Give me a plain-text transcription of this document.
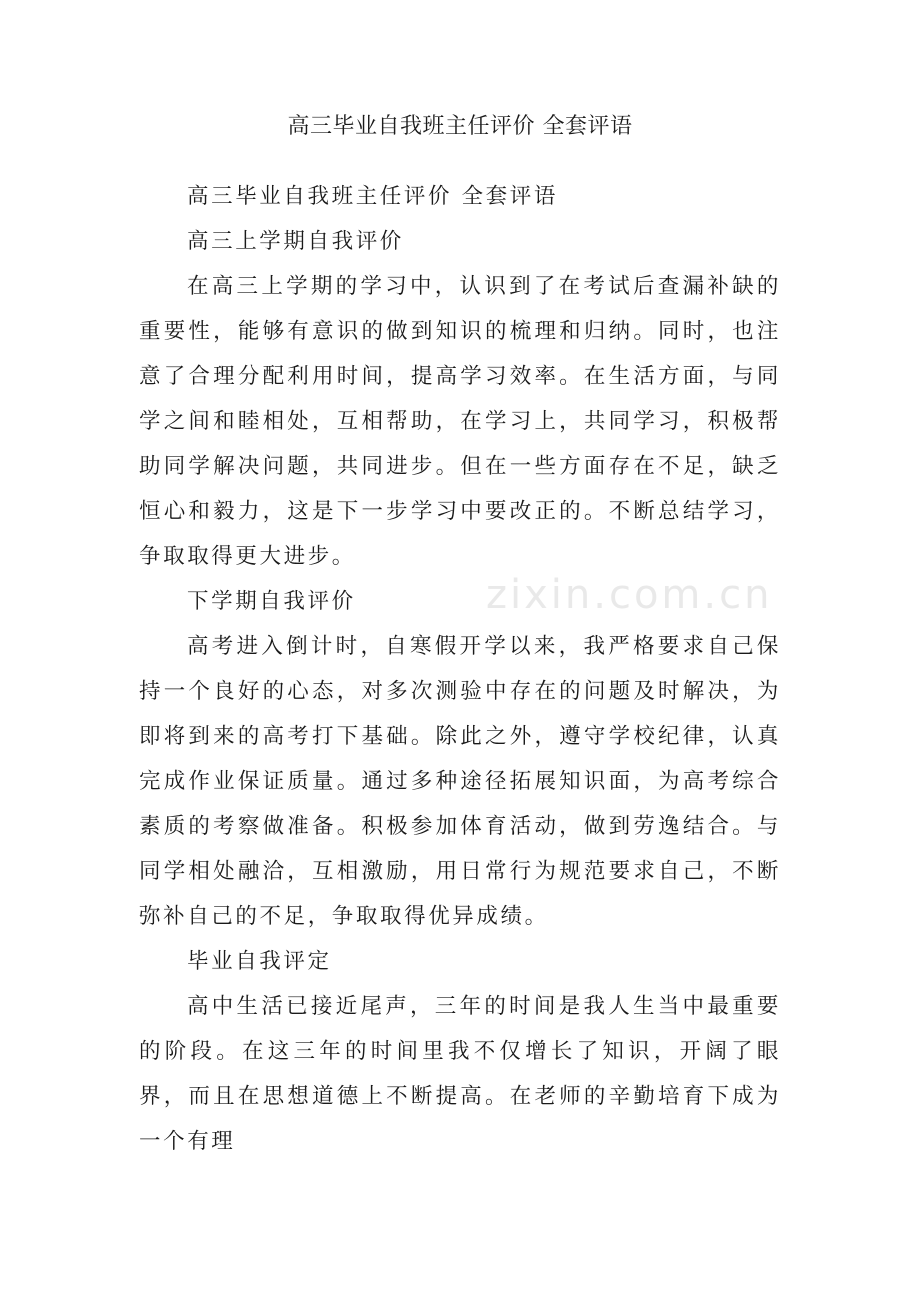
zixin.com.cn
高三毕业自我班主任评价 全套评语

高三毕业自我班主任评价 全套评语

高三上学期自我评价

在高三上学期的学习中，认识到了在考试后查漏补缺的重要性，能够有意识的做到知识的梳理和归纳。同时，也注意了合理分配利用时间，提高学习效率。在生活方面，与同学之间和睦相处，互相帮助，在学习上，共同学习，积极帮助同学解决问题，共同进步。但在一些方面存在不足，缺乏恒心和毅力，这是下一步学习中要改正的。不断总结学习，争取取得更大进步。

下学期自我评价

高考进入倒计时，自寒假开学以来，我严格要求自己保持一个良好的心态，对多次测验中存在的问题及时解决，为即将到来的高考打下基础。除此之外，遵守学校纪律，认真完成作业保证质量。通过多种途径拓展知识面，为高考综合素质的考察做准备。积极参加体育活动，做到劳逸结合。与同学相处融洽，互相激励，用日常行为规范要求自己，不断弥补自己的不足，争取取得优异成绩。

毕业自我评定

高中生活已接近尾声，三年的时间是我人生当中最重要的阶段。在这三年的时间里我不仅增长了知识，开阔了眼界，而且在思想道德上不断提高。在老师的辛勤培育下成为一个有理
